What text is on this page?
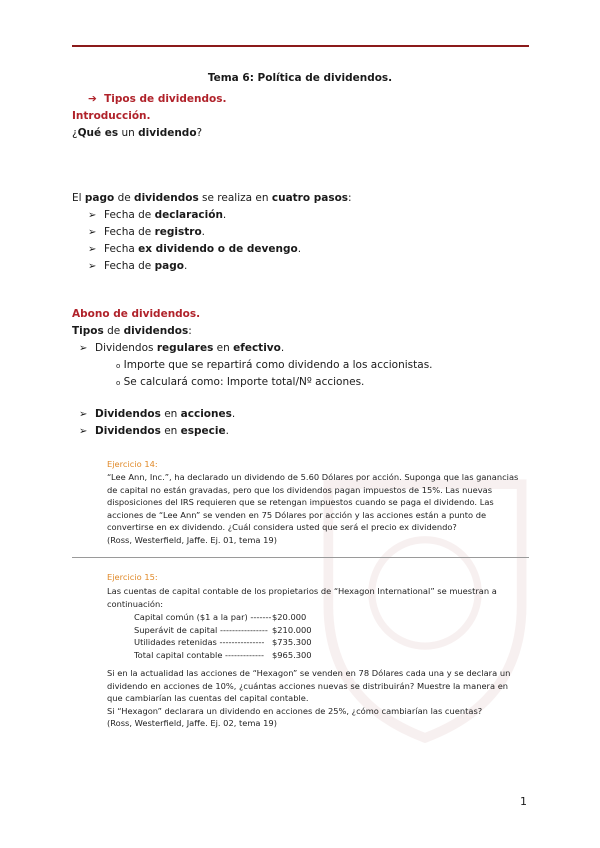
Tema 6: Política de dividendos.
➔ Tipos de dividendos.
Introducción.
¿Qué es un dividendo?
El pago de dividendos se realiza en cuatro pasos:
➢ Fecha de declaración.
➢ Fecha de registro.
➢ Fecha ex dividendo o de devengo.
➢ Fecha de pago.
Abono de dividendos.
Tipos de dividendos:
➢ Dividendos regulares en efectivo.
o Importe que se repartirá como dividendo a los accionistas.
o Se calculará como: Importe total/Nº acciones.
➢ Dividendos en acciones.
➢ Dividendos en especie.
Ejercicio 14:
“Lee Ann, Inc.”, ha declarado un dividendo de 5.60 Dólares por acción. Suponga que las ganancias
de capital no están gravadas, pero que los dividendos pagan impuestos de 15%. Las nuevas
disposiciones del IRS requieren que se retengan impuestos cuando se paga el dividendo. Las
acciones de “Lee Ann” se venden en 75 Dólares por acción y las acciones están a punto de
convertirse en ex dividendo. ¿Cuál considera usted que será el precio ex dividendo?
(Ross, Westerfield, Jaffe. Ej. 01, tema 19)
Ejercicio 15:
Las cuentas de capital contable de los propietarios de “Hexagon International” se muestran a
continuación:
Capital común ($1 a la par) ------- $20.000
Superávit de capital ---------------- $210.000
Utilidades retenidas --------------- $735.300
Total capital contable ------------- $965.300
Si en la actualidad las acciones de “Hexagon” se venden en 78 Dólares cada una y se declara un
dividendo en acciones de 10%, ¿cuántas acciones nuevas se distribuirán? Muestre la manera en
que cambiarían las cuentas del capital contable.
Si “Hexagon” declarara un dividendo en acciones de 25%, ¿cómo cambiarían las cuentas?
(Ross, Westerfield, Jaffe. Ej. 02, tema 19)
1
